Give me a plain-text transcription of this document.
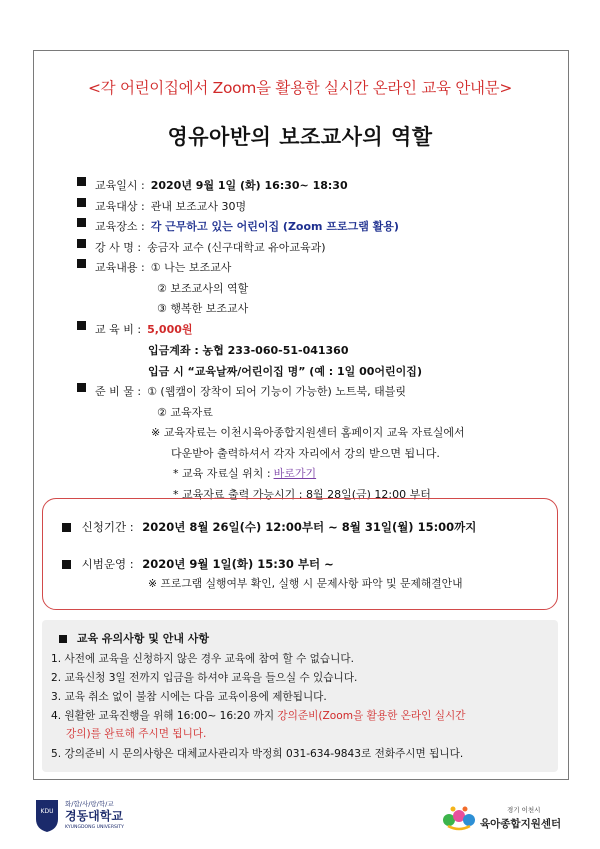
<각 어린이집에서 Zoom을 활용한 실시간 온라인 교육 안내문>
영유아반의 보조교사의 역할
교육일시 : 2020년 9월 1일 (화) 16:30~ 18:30
교육대상 : 관내 보조교사 30명
교육장소 : 각 근무하고 있는 어린이집 (Zoom 프로그램 활용)
강 사 명 : 송금자 교수 (신구대학교 유아교육과)
교육내용 : ① 나는 보조교사
② 보조교사의 역할
③ 행복한 보조교사
교 육 비 : 5,000원
입금계좌 : 농협 233-060-51-041360
입금 시 “교육날짜/어린이집 명” (예 : 1일 00어린이집)
준 비 물 : ① (웹캠이 장착이 되어 기능이 가능한) 노트북, 태블릿
② 교육자료
※ 교육자료는 이천시육아종합지원센터 홈페이지 교육 자료실에서
다운받아 출력하셔서 각자 자리에서 강의 받으면 됩니다.
* 교육 자료실 위치 : 바로가기
* 교육자료 출력 가능시기 : 8월 28일(금) 12:00 부터
신청기간 : 2020년 8월 26일(수) 12:00부터 ~ 8월 31일(월) 15:00까지
시범운영 : 2020년 9월 1일(화) 15:30 부터 ~
※ 프로그램 실행여부 확인, 실행 시 문제사항 파악 및 문제해결안내
교육 유의사항 및 안내 사항
1. 사전에 교육을 신청하지 않은 경우 교육에 참여 할 수 없습니다.
2. 교육신청 3일 전까지 입금을 하셔야 교육을 들으실 수 있습니다.
3. 교육 취소 없이 불참 시에는 다음 교육이용에 제한됩니다.
4. 원활한 교육진행을 위해 16:00~ 16:20 까지 강의준비(Zoom을 활용한 온라인 실시간
강의)를 완료해 주시면 됩니다.
5. 강의준비 시 문의사항은 대체교사관리자 박정희 031-634-9843로 전화주시면 됩니다.
KDU
화/합/사/랑/학/교
경동대학교
KYUNGDONG UNIVERSITY
경기 이천시
육아종합지원센터
